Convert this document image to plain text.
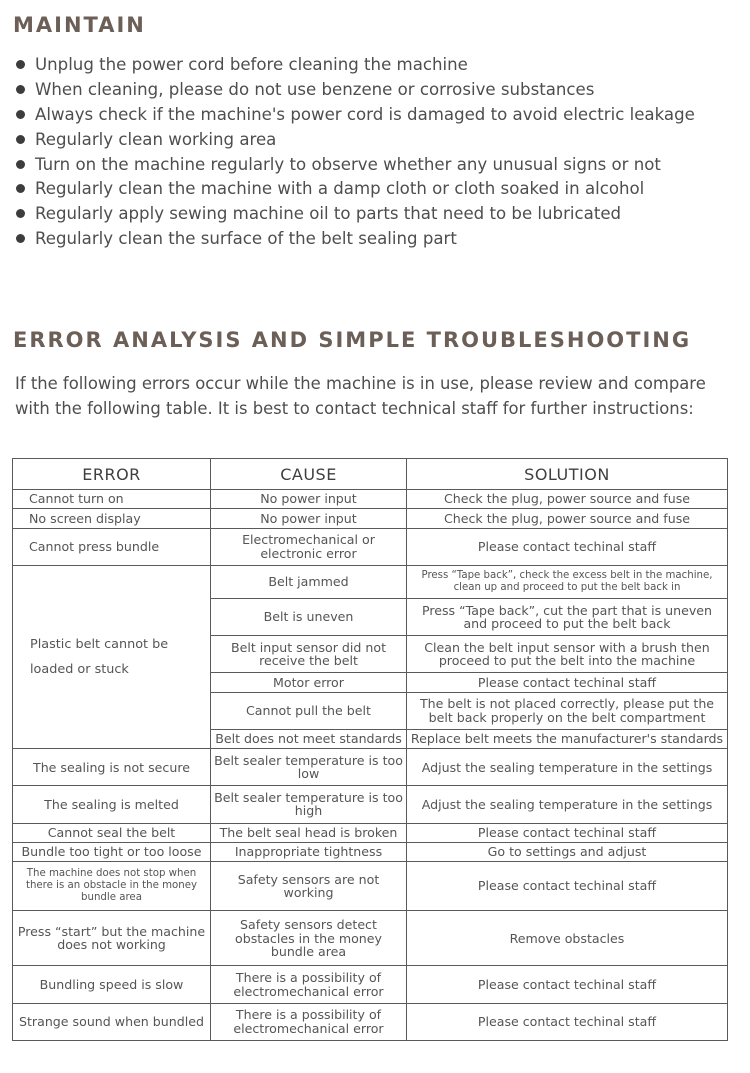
MAINTAIN
Unplug the power cord before cleaning the machine
When cleaning, please do not use benzene or corrosive substances
Always check if the machine's power cord is damaged to avoid electric leakage
Regularly clean working area
Turn on the machine regularly to observe whether any unusual signs or not
Regularly clean the machine with a damp cloth or cloth soaked in alcohol
Regularly apply sewing machine oil to parts that need to be lubricated
Regularly clean the surface of the belt sealing part
ERROR ANALYSIS AND SIMPLE TROUBLESHOOTING

If the following errors occur while the machine is in use, please review and compare with the following table. It is best to contact technical staff for further instructions:

ERROR	CAUSE	SOLUTION
Cannot turn on	No power input	Check the plug, power source and fuse
No screen display	No power input	Check the plug, power source and fuse
Cannot press bundle	Electromechanical or electronic error	Please contact techinal staff
Plastic belt cannot be loaded or stuck	Belt jammed	Press “Tape back”, check the excess belt in the machine, clean up and proceed to put the belt back in
	Belt is uneven	Press “Tape back”, cut the part that is uneven and proceed to put the belt back
	Belt input sensor did not receive the belt	Clean the belt input sensor with a brush then proceed to put the belt into the machine
	Motor error	Please contact techinal staff
	Cannot pull the belt	The belt is not placed correctly, please put the belt back properly on the belt compartment
	Belt does not meet standards	Replace belt meets the manufacturer's standards
The sealing is not secure	Belt sealer temperature is too low	Adjust the sealing temperature in the settings
The sealing is melted	Belt sealer temperature is too high	Adjust the sealing temperature in the settings
Cannot seal the belt	The belt seal head is broken	Please contact techinal staff
Bundle too tight or too loose	Inappropriate tightness	Go to settings and adjust
The machine does not stop when there is an obstacle in the money bundle area	Safety sensors are not working	Please contact techinal staff
Press “start” but the machine does not working	Safety sensors detect obstacles in the money bundle area	Remove obstacles
Bundling speed is slow	There is a possibility of electromechanical error	Please contact techinal staff
Strange sound when bundled	There is a possibility of electromechanical error	Please contact techinal staff
